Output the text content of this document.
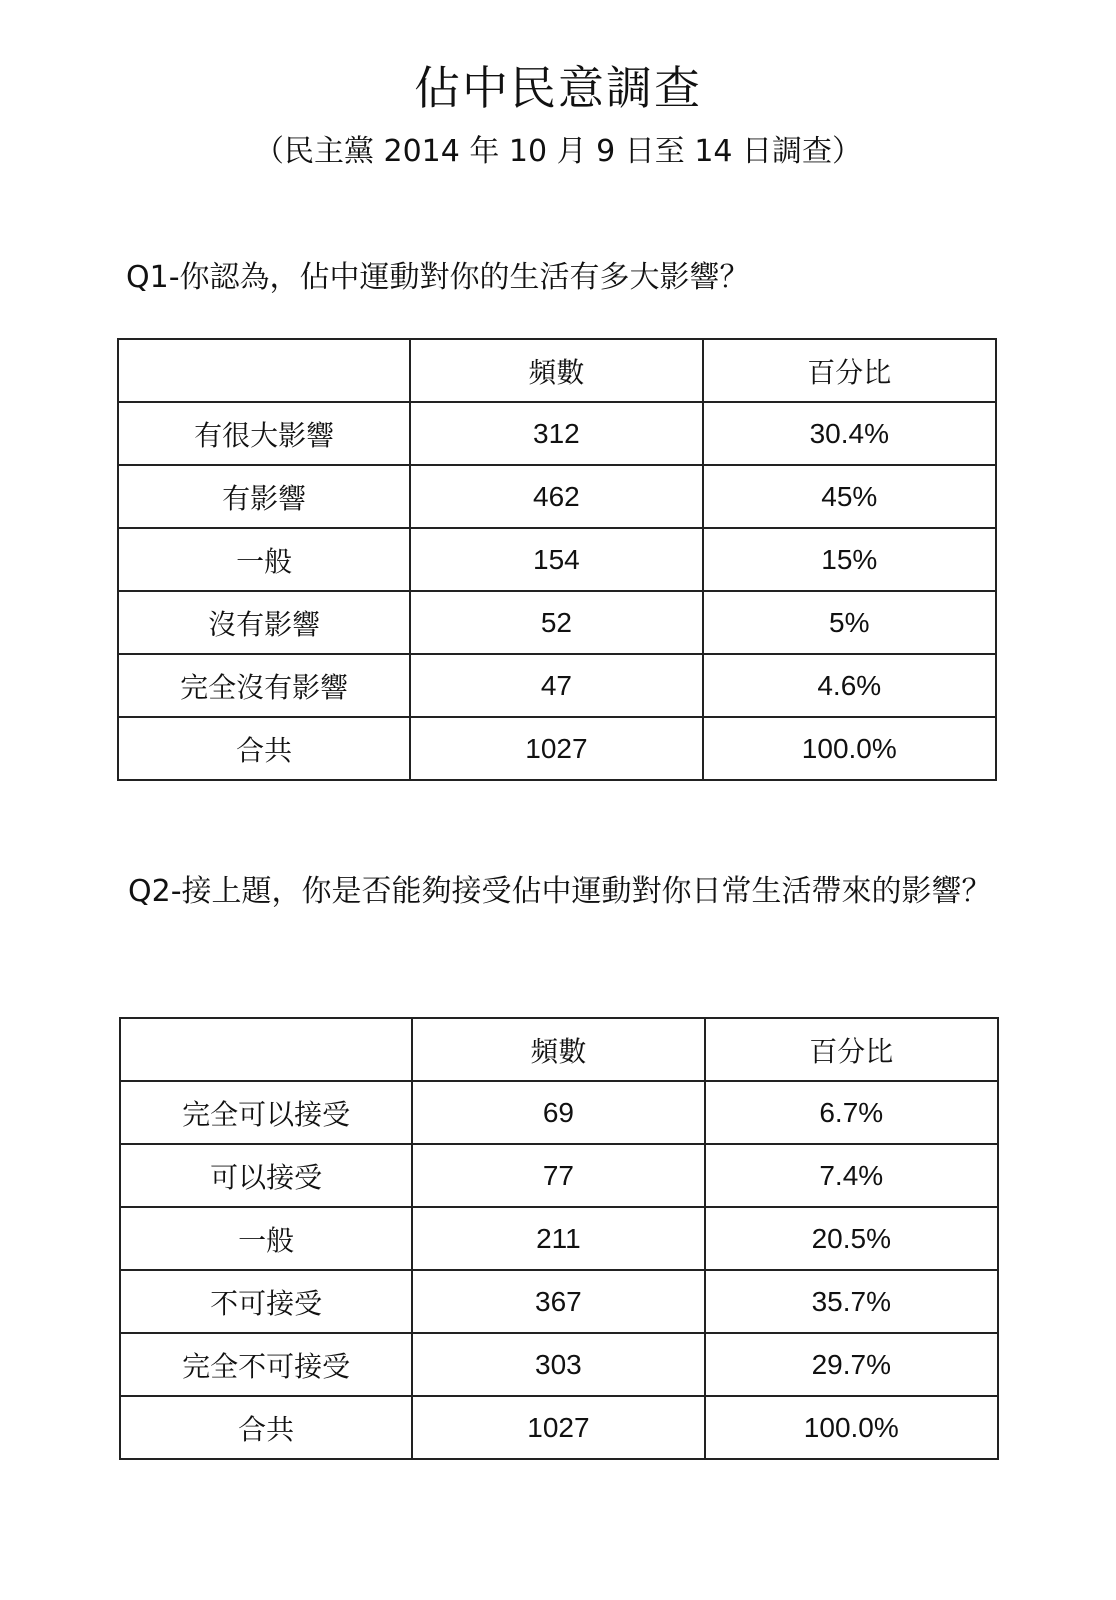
佔中民意調查
（民主黨 2014 年 10 月 9 日至 14 日調查）
Q1-你認為，佔中運動對你的生活有多大影響？
	頻數	百分比
有很大影響	312	30.4%
有影響	462	45%
一般	154	15%
沒有影響	52	5%
完全沒有影響	47	4.6%
合共	1027	100.0%
Q2-接上題，你是否能夠接受佔中運動對你日常生活帶來的影響？
	頻數	百分比
完全可以接受	69	6.7%
可以接受	77	7.4%
一般	211	20.5%
不可接受	367	35.7%
完全不可接受	303	29.7%
合共	1027	100.0%
